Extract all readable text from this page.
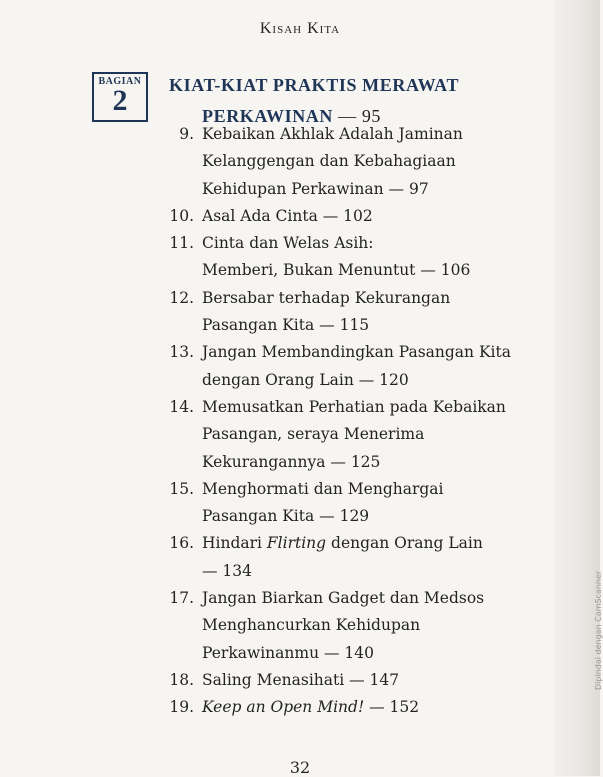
Kisah Kita
BAGIAN
2	KIAT-KIAT PRAKTIS MERAWAT
PERKAWINAN — 95
9. Kebaikan Akhlak Adalah Jaminan
Kelanggengan dan Kebahagiaan
Kehidupan Perkawinan — 97
10. Asal Ada Cinta — 102
11. Cinta dan Welas Asih:
Memberi, Bukan Menuntut — 106
12. Bersabar terhadap Kekurangan
Pasangan Kita — 115
13. Jangan Membandingkan Pasangan Kita
dengan Orang Lain — 120
14. Memusatkan Perhatian pada Kebaikan
Pasangan, seraya Menerima
Kekurangannya — 125
15. Menghormati dan Menghargai
Pasangan Kita — 129
16. Hindari Flirting dengan Orang Lain
— 134
17. Jangan Biarkan Gadget dan Medsos
Menghancurkan Kehidupan
Perkawinanmu — 140
18. Saling Menasihati — 147
19. Keep an Open Mind! — 152
32
Dipindai dengan CamScanner
